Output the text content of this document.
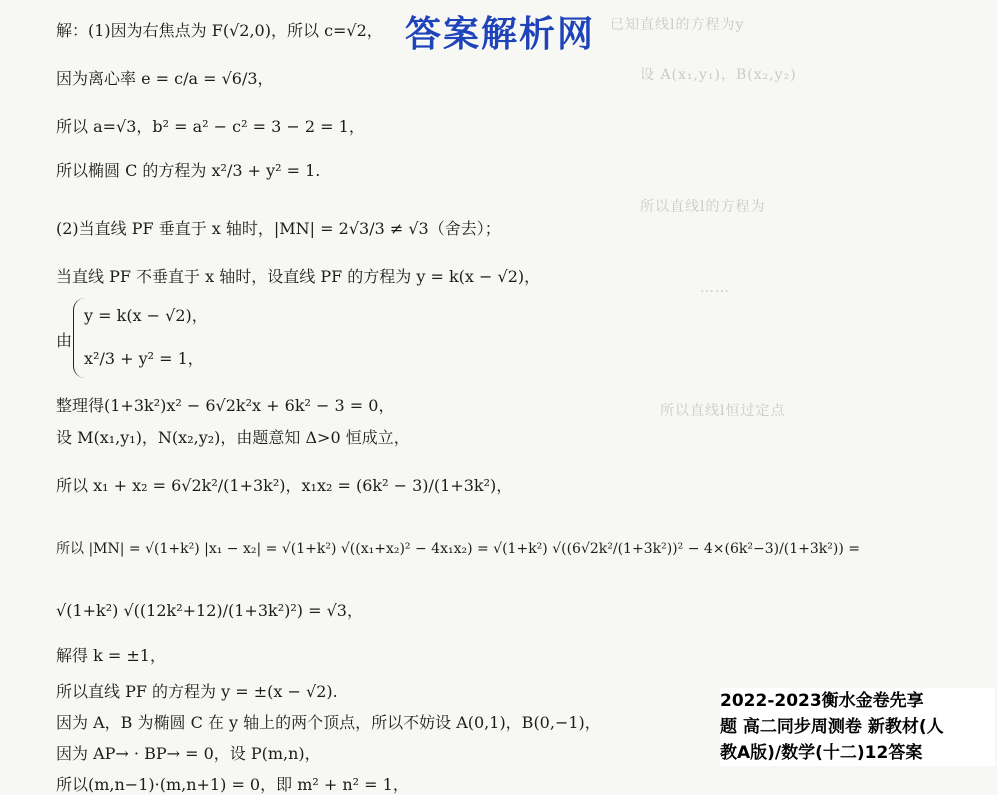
已知直线l的方程为y
设 A(x₁,y₁)，B(x₂,y₂)
所以直线l的方程为
……
所以直线l恒过定点
答案解析网
解：(1)因为右焦点为 F(√2,0)，所以 c=√2，
因为离心率 e = c/a = √6/3，
所以 a=√3，b² = a² − c² = 3 − 2 = 1，
所以椭圆 C 的方程为 x²/3 + y² = 1.
(2)当直线 PF 垂直于 x 轴时，|MN| = 2√3/3 ≠ √3（舍去）；
当直线 PF 不垂直于 x 轴时，设直线 PF 的方程为 y = k(x − √2)，
y = k(x − √2)，
由
x²/3 + y² = 1，
整理得(1+3k²)x² − 6√2k²x + 6k² − 3 = 0，
设 M(x₁,y₁)，N(x₂,y₂)，由题意知 Δ>0 恒成立，
所以 x₁ + x₂ = 6√2k²/(1+3k²)，x₁x₂ = (6k² − 3)/(1+3k²)，
所以 |MN| = √(1+k²) |x₁ − x₂| = √(1+k²) √((x₁+x₂)² − 4x₁x₂) = √(1+k²) √((6√2k²/(1+3k²))² − 4×(6k²−3)/(1+3k²)) =
√(1+k²) √((12k²+12)/(1+3k²)²) = √3，
解得 k = ±1，
所以直线 PF 的方程为 y = ±(x − √2).
因为 A，B 为椭圆 C 在 y 轴上的两个顶点，所以不妨设 A(0,1)，B(0,−1)，
因为 AP→ · BP→ = 0，设 P(m,n)，
所以(m,n−1)·(m,n+1) = 0，即 m² + n² = 1，
2022-2023衡水金卷先享
题 高二同步周测卷 新教材(人
教A版)/数学(十二)12答案
